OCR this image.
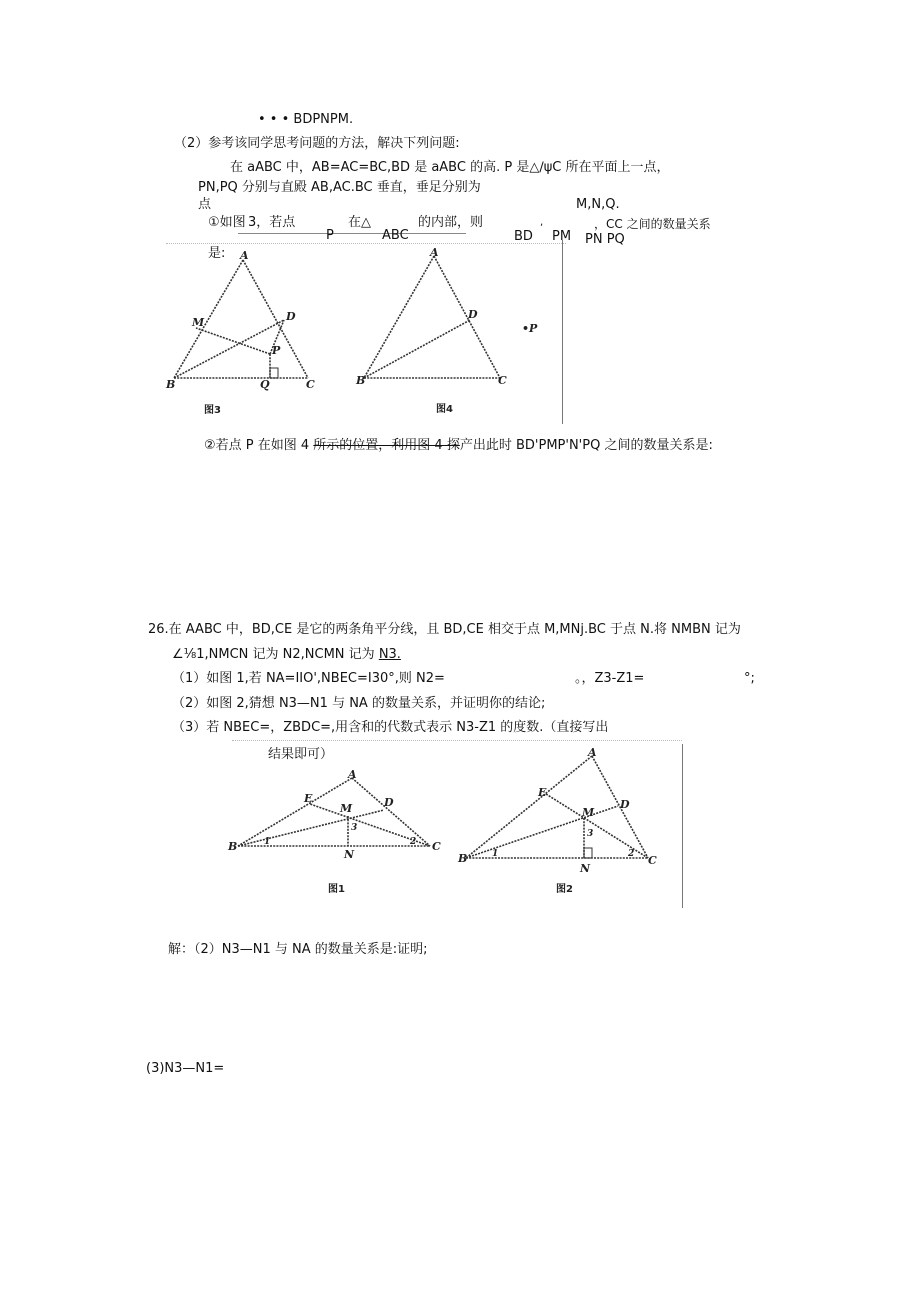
• • • BDPNPM.
（2）参考该同学思考问题的方法，解决下列问题:
在 aABC 中，AB=AC=BC,BD 是 aABC 的高. P 是△∕ψC 所在平面上一点，
PN,PQ 分别与直殿 AB,AC.BC 垂直，垂足分别为
点	M,N,Q.
①如图 3，若点	在△	的内部，则
P	ABC
,	，CC 之间的数量关系
BD PM PN PQ
是: A
B	C
D
M
P
Q
图3
A
B	C
D
•P
图4
②若点 P 在如图 4 所示的位置，利用图 4 探产出此时 BD'PMP'N'PQ 之间的数量关系是:
26.在 AABC 中，BD,CE 是它的两条角平分线，且 BD,CE 相交于点 M,MNj.BC 于点 N.将 NMBN 记为
∠⅛1,NMCN 记为 N2,NCMN 记为 N3.
（1）如图 1,若 NA=IIO',NBEC=I30°,则 N2=	。，Z3-Z1=	°;
（2）如图 2,猜想 N3—N1 与 NA 的数量关系，并证明你的结论;
（3）若 NBEC=，ZBDC=,用含和的代数式表示 N3-Z1 的度数.（直接写出
结果即可）
A
B	C
D
E
M
N
1	2
3
图1
A
B	C
D
E
M
N
1	2
3
图2
解：（2）N3—N1 与 NA 的数量关系是:证明;
(3)N3—N1=
